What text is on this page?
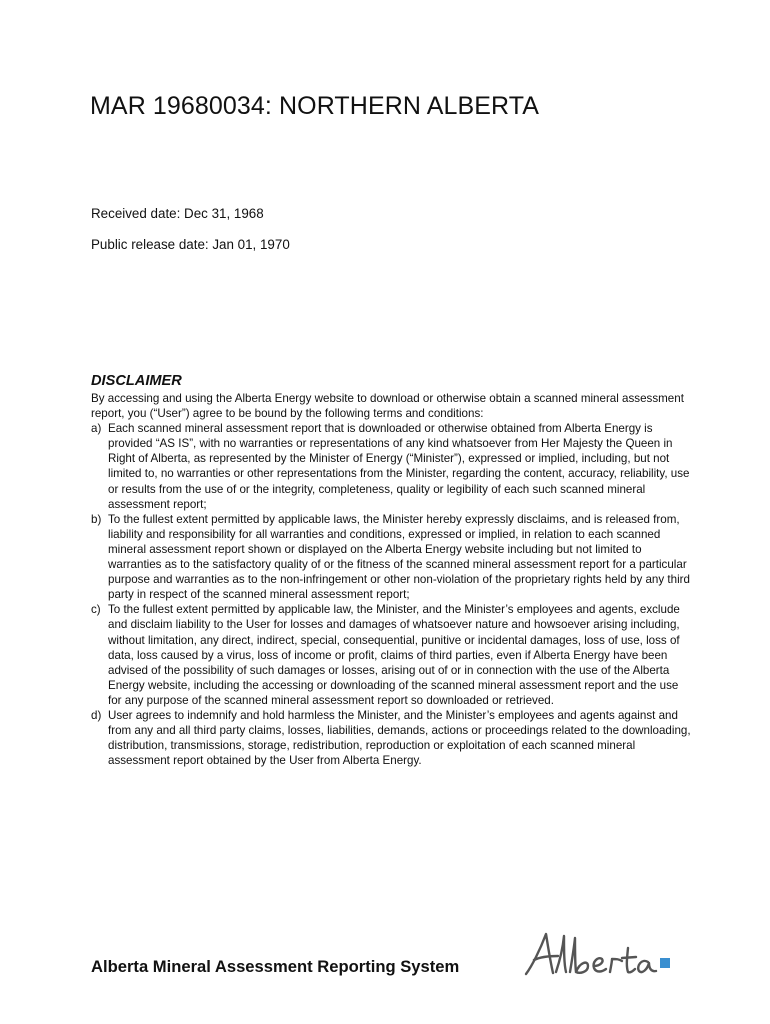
MAR 19680034: NORTHERN ALBERTA

Received date: Dec 31, 1968

Public release date: Jan 01, 1970

DISCLAIMER

By accessing and using the Alberta Energy website to download or otherwise obtain a scanned mineral assessment report, you (“User”) agree to be bound by the following terms and conditions:

a) Each scanned mineral assessment report that is downloaded or otherwise obtained from Alberta Energy is provided “AS IS”, with no warranties or representations of any kind whatsoever from Her Majesty the Queen in Right of Alberta, as represented by the Minister of Energy (“Minister”), expressed or implied, including, but not limited to, no warranties or other representations from the Minister, regarding the content, accuracy, reliability, use or results from the use of or the integrity, completeness, quality or legibility of each such scanned mineral assessment report;
b) To the fullest extent permitted by applicable laws, the Minister hereby expressly disclaims, and is released from, liability and responsibility for all warranties and conditions, expressed or implied, in relation to each scanned mineral assessment report shown or displayed on the Alberta Energy website including but not limited to warranties as to the satisfactory quality of or the fitness of the scanned mineral assessment report for a particular purpose and warranties as to the non-infringement or other non-violation of the proprietary rights held by any third party in respect of the scanned mineral assessment report;
c) To the fullest extent permitted by applicable law, the Minister, and the Minister’s employees and agents, exclude and disclaim liability to the User for losses and damages of whatsoever nature and howsoever arising including, without limitation, any direct, indirect, special, consequential, punitive or incidental damages, loss of use, loss of data, loss caused by a virus, loss of income or profit, claims of third parties, even if Alberta Energy have been advised of the possibility of such damages or losses, arising out of or in connection with the use of the Alberta Energy website, including the accessing or downloading of the scanned mineral assessment report and the use for any purpose of the scanned mineral assessment report so downloaded or retrieved.
d) User agrees to indemnify and hold harmless the Minister, and the Minister’s employees and agents against and from any and all third party claims, losses, liabilities, demands, actions or proceedings related to the downloading, distribution, transmissions, storage, redistribution, reproduction or exploitation of each scanned mineral assessment report obtained by the User from Alberta Energy.

Alberta Mineral Assessment Reporting System
